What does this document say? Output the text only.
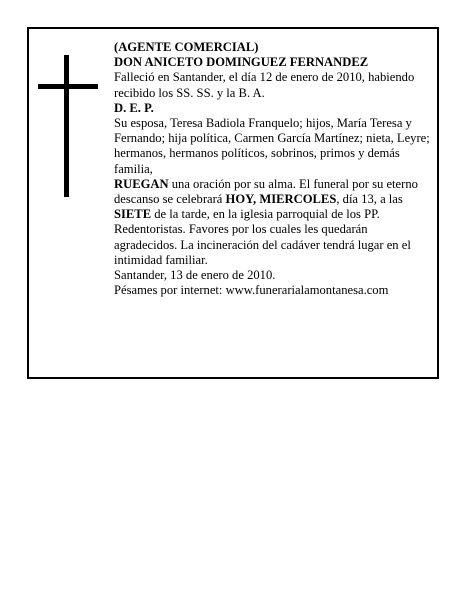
(AGENTE COMERCIAL)

DON ANICETO DOMINGUEZ FERNANDEZ

Falleció en Santander, el día 12 de enero de 2010, habiendo recibido los SS. SS. y la B. A.

D. E. P.

Su esposa, Teresa Badiola Franquelo; hijos, María Teresa y Fernando; hija política, Carmen García Martínez; nieta, Leyre; hermanos, hermanos políticos, sobrinos, primos y demás familia,

RUEGAN una oración por su alma. El funeral por su eterno descanso se celebrará HOY, MIERCOLES, día 13, a las SIETE de la tarde, en la iglesia parroquial de los PP. Redentoristas. Favores por los cuales les quedarán agradecidos. La incineración del cadáver tendrá lugar en el intimidad familiar.

Santander, 13 de enero de 2010.

Pésames por internet: www.funerarialamontanesa.com
